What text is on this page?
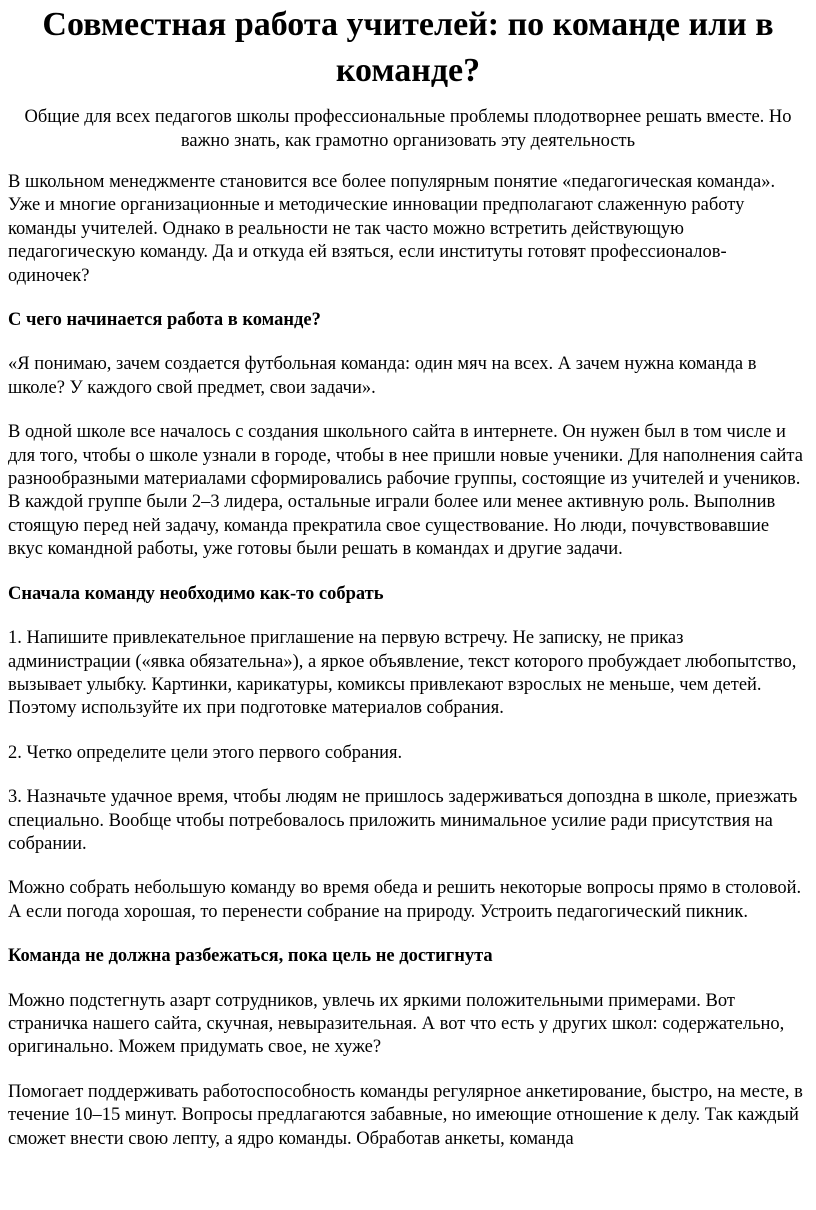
Совместная работа учителей: по команде или в команде?

Общие для всех педагогов школы профессиональные проблемы плодотворнее решать вместе. Но важно знать, как грамотно организовать эту деятельность

В школьном менеджменте становится все более популярным понятие «педагогическая команда». Уже и многие организационные и методические инновации предполагают слаженную работу команды учителей. Однако в реальности не так часто можно встретить действующую педагогическую команду. Да и откуда ей взяться, если институты готовят профессионалов-одиночек?

С чего начинается работа в команде?

«Я понимаю, зачем создается футбольная команда: один мяч на всех. А зачем нужна команда в школе? У каждого свой предмет, свои задачи».

В одной школе все началось с создания школьного сайта в интернете. Он нужен был в том числе и для того, чтобы о школе узнали в городе, чтобы в нее пришли новые ученики. Для наполнения сайта разнообразными материалами сформировались рабочие группы, состоящие из учителей и учеников. В каждой группе были 2–3 лидера, остальные играли более или менее активную роль. Выполнив стоящую перед ней задачу, команда прекратила свое существование. Но люди, почувствовавшие вкус командной работы, уже готовы были решать в командах и другие задачи.

Сначала команду необходимо как-то собрать

1. Напишите привлекательное приглашение на первую встречу. Не записку, не приказ администрации («явка обязательна»), а яркое объявление, текст которого пробуждает любопытство, вызывает улыбку. Картинки, карикатуры, комиксы привлекают взрослых не меньше, чем детей. Поэтому используйте их при подготовке материалов собрания.

2. Четко определите цели этого первого собрания.

3. Назначьте удачное время, чтобы людям не пришлось задерживаться допоздна в школе, приезжать специально. Вообще чтобы потребовалось приложить минимальное усилие ради присутствия на собрании.

Можно собрать небольшую команду во время обеда и решить некоторые вопросы прямо в столовой. А если погода хорошая, то перенести собрание на природу. Устроить педагогический пикник.

Команда не должна разбежаться, пока цель не достигнута

Можно подстегнуть азарт сотрудников, увлечь их яркими положительными примерами. Вот страничка нашего сайта, скучная, невыразительная. А вот что есть у других школ: содержательно, оригинально. Можем придумать свое, не хуже?

Помогает поддерживать работоспособность команды регулярное анкетирование, быстро, на месте, в течение 10–15 минут. Вопросы предлагаются забавные, но имеющие отношение к делу. Так каждый сможет внести свою лепту, а ядро команды. Обработав анкеты, команда
